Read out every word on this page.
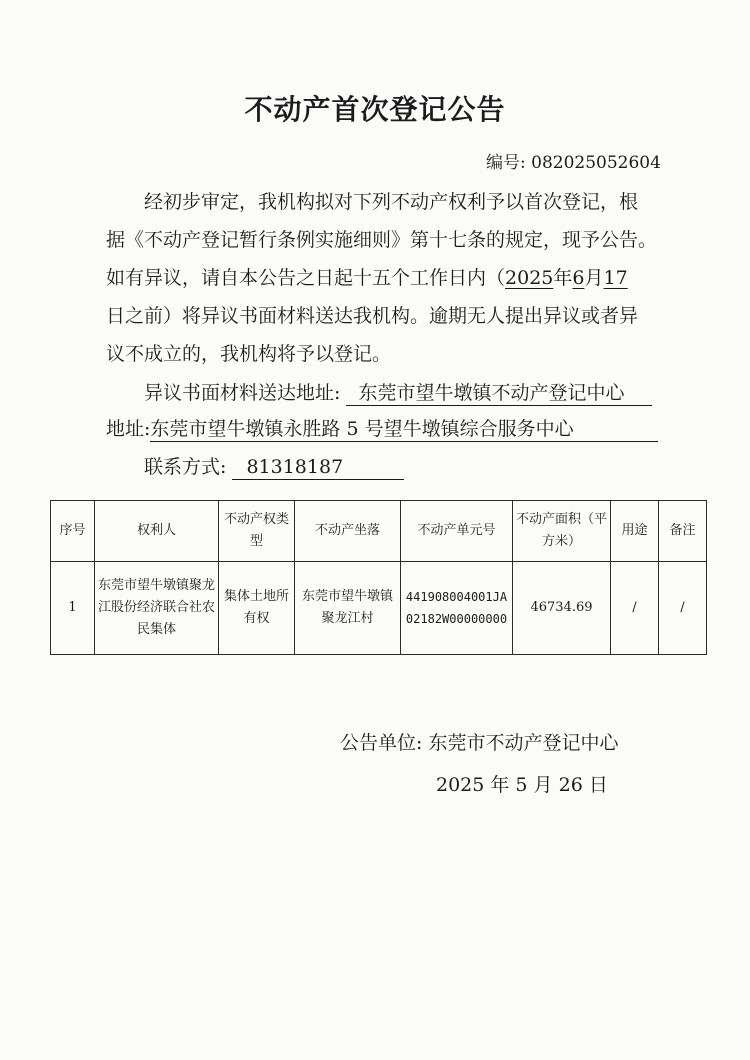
不动产首次登记公告
编号: 082025052604
经初步审定，我机构拟对下列不动产权利予以首次登记，根
据《不动产登记暂行条例实施细则》第十七条的规定，现予公告。
如有异议，请自本公告之日起十五个工作日内（2025年6月17
日之前）将异议书面材料送达我机构。逾期无人提出异议或者异
议不成立的，我机构将予以登记。
异议书面材料送达地址: 东莞市望牛墩镇不动产登记中心
地址:东莞市望牛墩镇永胜路 5 号望牛墩镇综合服务中心
联系方式: 81318187
序号	权利人	不动产权类型	不动产坐落	不动产单元号	不动产面积（平方米）	用途	备注
1	东莞市望牛墩镇聚龙江股份经济联合社农民集体	集体土地所有权	东莞市望牛墩镇聚龙江村	441908004001JA02182W00000000	46734.69	/	/
公告单位: 东莞市不动产登记中心
2025 年 5 月 26 日
